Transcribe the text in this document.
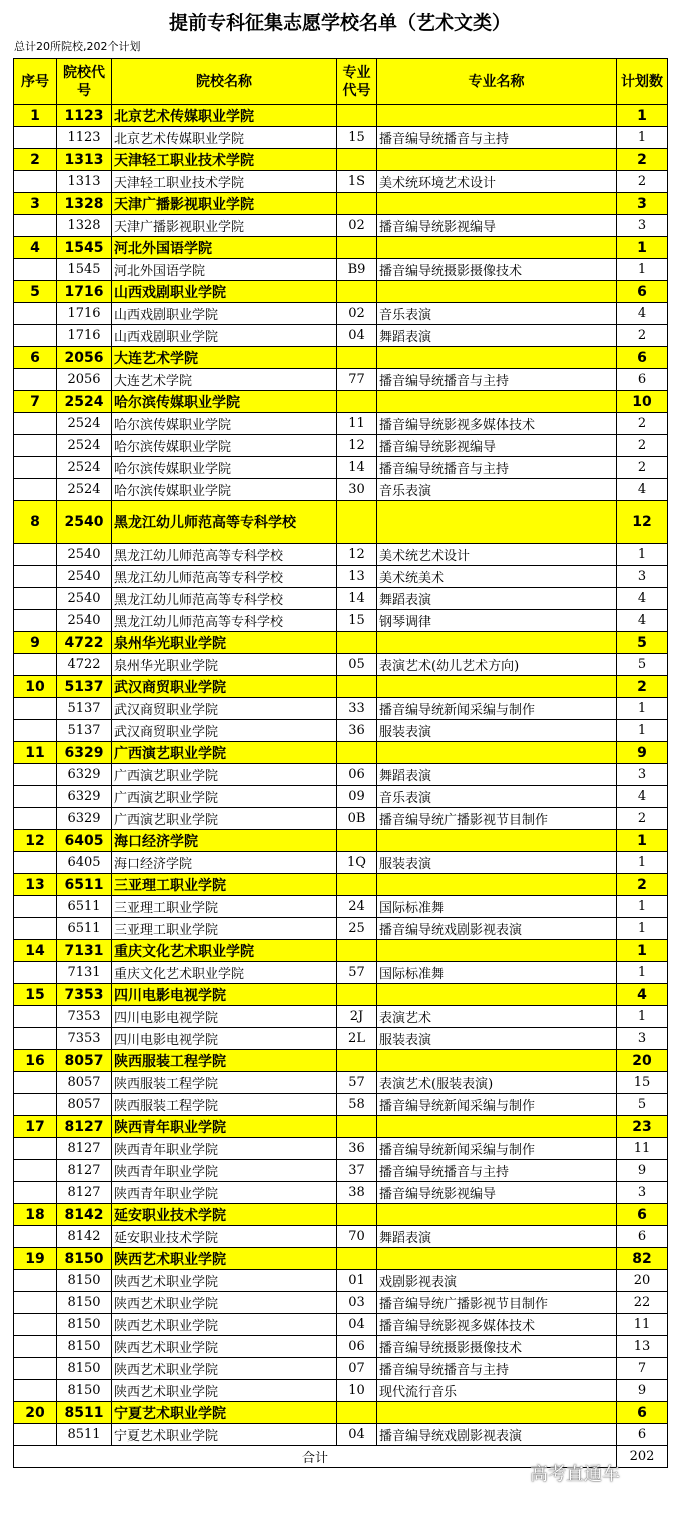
提前专科征集志愿学校名单（艺术文类）
总计20所院校,202个计划
序号	院校代号	院校名称	专业代号	专业名称	计划数
1	1123	北京艺术传媒职业学院			1
	1123	北京艺术传媒职业学院	15	播音编导统播音与主持	1
2	1313	天津轻工职业技术学院			2
	1313	天津轻工职业技术学院	1S	美术统环境艺术设计	2
3	1328	天津广播影视职业学院			3
	1328	天津广播影视职业学院	02	播音编导统影视编导	3
4	1545	河北外国语学院			1
	1545	河北外国语学院	B9	播音编导统摄影摄像技术	1
5	1716	山西戏剧职业学院			6
	1716	山西戏剧职业学院	02	音乐表演	4
	1716	山西戏剧职业学院	04	舞蹈表演	2
6	2056	大连艺术学院			6
	2056	大连艺术学院	77	播音编导统播音与主持	6
7	2524	哈尔滨传媒职业学院			10
	2524	哈尔滨传媒职业学院	11	播音编导统影视多媒体技术	2
	2524	哈尔滨传媒职业学院	12	播音编导统影视编导	2
	2524	哈尔滨传媒职业学院	14	播音编导统播音与主持	2
	2524	哈尔滨传媒职业学院	30	音乐表演	4
8	2540	黑龙江幼儿师范高等专科学校			12
	2540	黑龙江幼儿师范高等专科学校	12	美术统艺术设计	1
	2540	黑龙江幼儿师范高等专科学校	13	美术统美术	3
	2540	黑龙江幼儿师范高等专科学校	14	舞蹈表演	4
	2540	黑龙江幼儿师范高等专科学校	15	钢琴调律	4
9	4722	泉州华光职业学院			5
	4722	泉州华光职业学院	05	表演艺术(幼儿艺术方向)	5
10	5137	武汉商贸职业学院			2
	5137	武汉商贸职业学院	33	播音编导统新闻采编与制作	1
	5137	武汉商贸职业学院	36	服装表演	1
11	6329	广西演艺职业学院			9
	6329	广西演艺职业学院	06	舞蹈表演	3
	6329	广西演艺职业学院	09	音乐表演	4
	6329	广西演艺职业学院	0B	播音编导统广播影视节目制作	2
12	6405	海口经济学院			1
	6405	海口经济学院	1Q	服装表演	1
13	6511	三亚理工职业学院			2
	6511	三亚理工职业学院	24	国际标准舞	1
	6511	三亚理工职业学院	25	播音编导统戏剧影视表演	1
14	7131	重庆文化艺术职业学院			1
	7131	重庆文化艺术职业学院	57	国际标准舞	1
15	7353	四川电影电视学院			4
	7353	四川电影电视学院	2J	表演艺术	1
	7353	四川电影电视学院	2L	服装表演	3
16	8057	陕西服装工程学院			20
	8057	陕西服装工程学院	57	表演艺术(服装表演)	15
	8057	陕西服装工程学院	58	播音编导统新闻采编与制作	5
17	8127	陕西青年职业学院			23
	8127	陕西青年职业学院	36	播音编导统新闻采编与制作	11
	8127	陕西青年职业学院	37	播音编导统播音与主持	9
	8127	陕西青年职业学院	38	播音编导统影视编导	3
18	8142	延安职业技术学院			6
	8142	延安职业技术学院	70	舞蹈表演	6
19	8150	陕西艺术职业学院			82
	8150	陕西艺术职业学院	01	戏剧影视表演	20
	8150	陕西艺术职业学院	03	播音编导统广播影视节目制作	22
	8150	陕西艺术职业学院	04	播音编导统影视多媒体技术	11
	8150	陕西艺术职业学院	06	播音编导统摄影摄像技术	13
	8150	陕西艺术职业学院	07	播音编导统播音与主持	7
	8150	陕西艺术职业学院	10	现代流行音乐	9
20	8511	宁夏艺术职业学院			6
	8511	宁夏艺术职业学院	04	播音编导统戏剧影视表演	6
合计					202
高考直通车
